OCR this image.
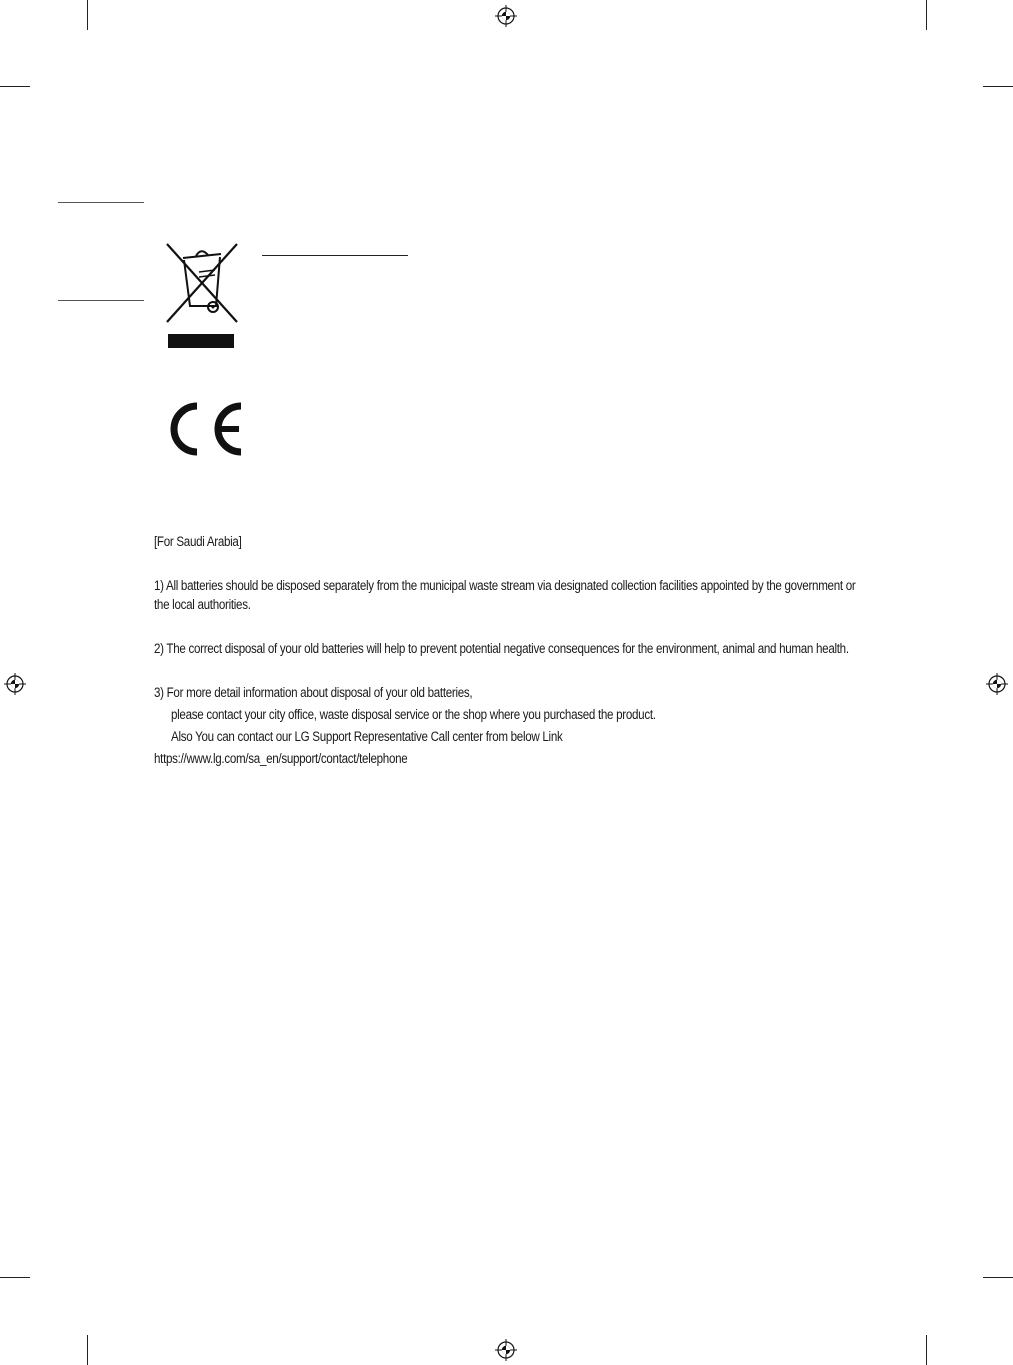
[For Saudi Arabia]
1) All batteries should be disposed separately from the municipal waste stream via designated collection facilities appointed by the government or
the local authorities.
2) The correct disposal of your old batteries will help to prevent potential negative consequences for the environment, animal and human health.
3) For more detail information about disposal of your old batteries,
please contact your city office, waste disposal service or the shop where you purchased the product.
Also You can contact our LG Support Representative Call center from below Link
https://www.lg.com/sa_en/support/contact/telephone
